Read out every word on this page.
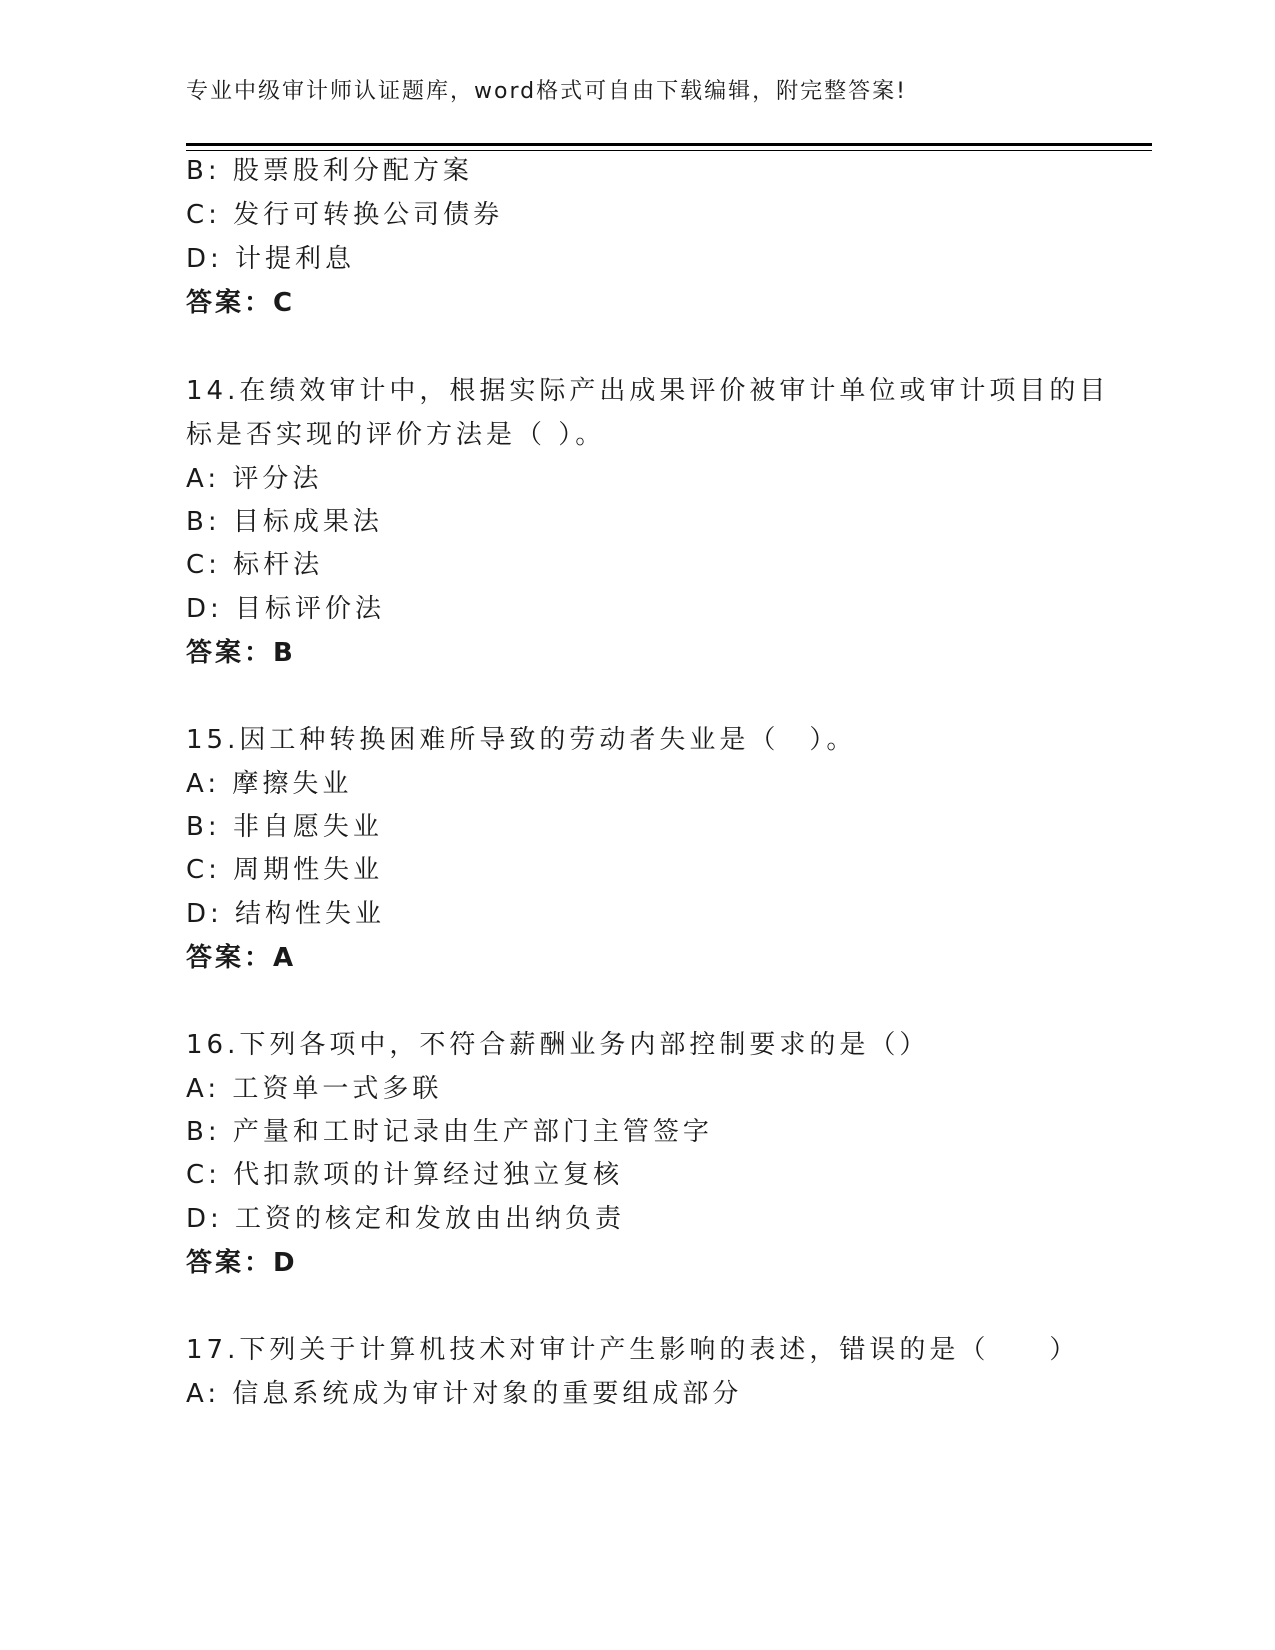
专业中级审计师认证题库，word格式可自由下载编辑，附完整答案!
B: 股票股利分配方案
C: 发行可转换公司债券
D: 计提利息
答案：C
14.在绩效审计中，根据实际产出成果评价被审计单位或审计项目的目
标是否实现的评价方法是（ ）。
A: 评分法
B: 目标成果法
C: 标杆法
D: 目标评价法
答案：B
15.因工种转换困难所导致的劳动者失业是（　）。
A: 摩擦失业
B: 非自愿失业
C: 周期性失业
D: 结构性失业
答案：A
16.下列各项中，不符合薪酬业务内部控制要求的是（）
A: 工资单一式多联
B: 产量和工时记录由生产部门主管签字
C: 代扣款项的计算经过独立复核
D: 工资的核定和发放由出纳负责
答案：D
17.下列关于计算机技术对审计产生影响的表述，错误的是（　　）
A: 信息系统成为审计对象的重要组成部分
